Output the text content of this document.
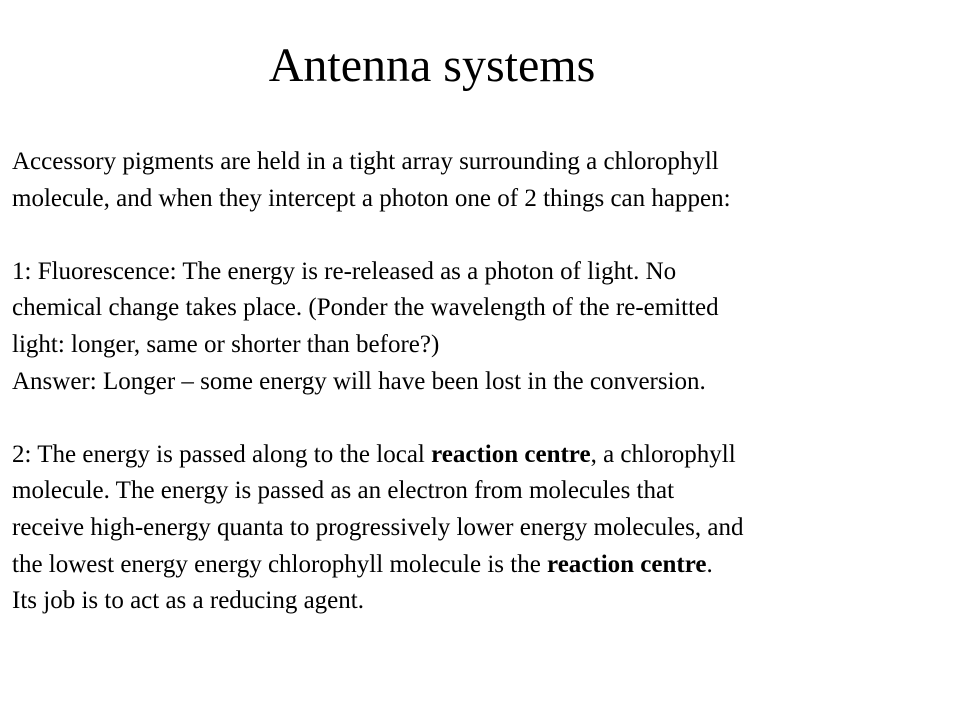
Antenna systems
Accessory pigments are held in a tight array surrounding a chlorophyll
molecule, and when they intercept a photon one of 2 things can happen:
1: Fluorescence: The energy is re-released as a photon of light. No
chemical change takes place. (Ponder the wavelength of the re-emitted
light: longer, same or shorter than before?)
Answer: Longer – some energy will have been lost in the conversion.
2: The energy is passed along to the local reaction centre, a chlorophyll
molecule. The energy is passed as an electron from molecules that
receive high-energy quanta to progressively lower energy molecules, and
the lowest energy energy chlorophyll molecule is the reaction centre.
Its job is to act as a reducing agent.
